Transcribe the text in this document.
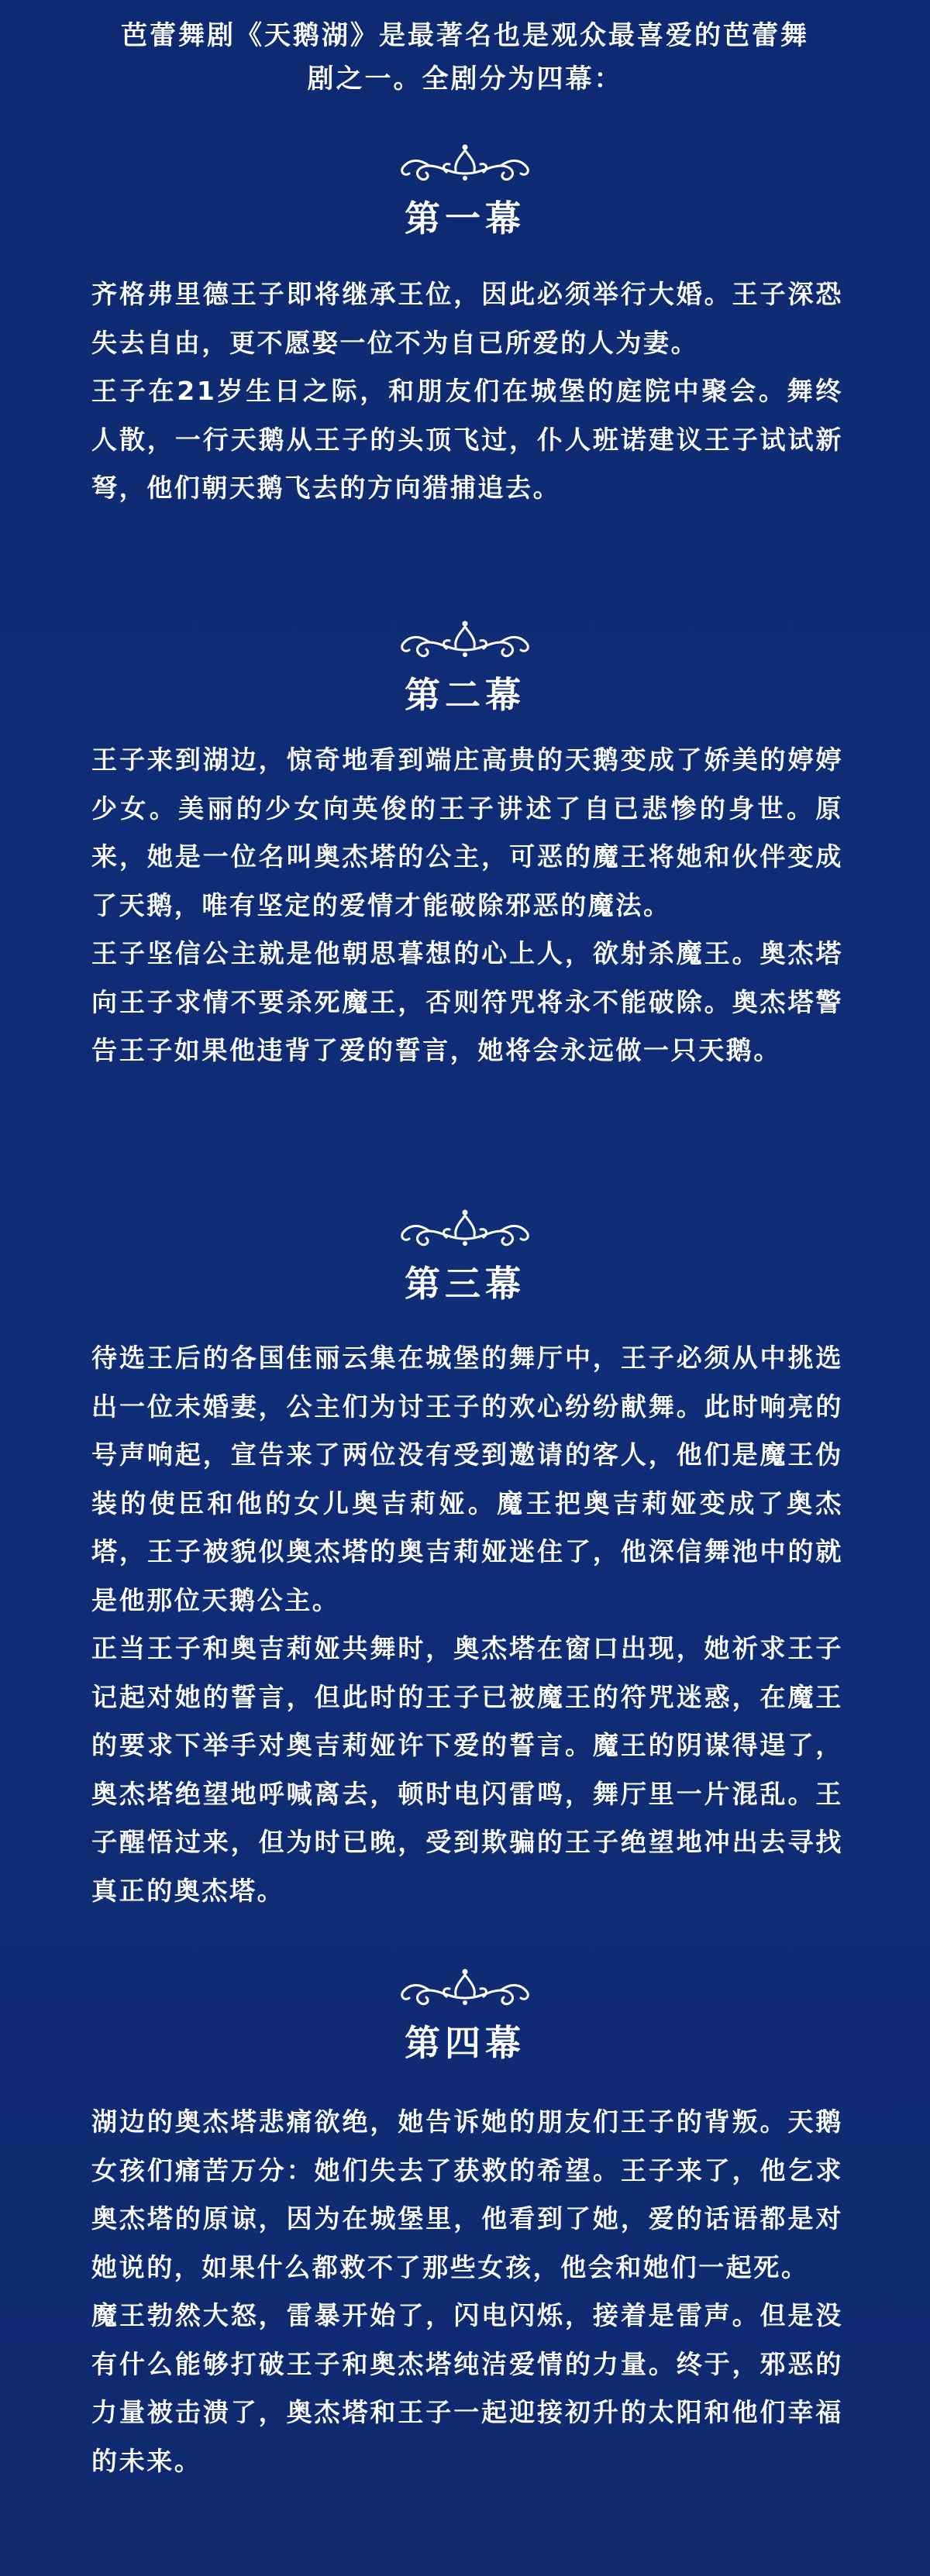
芭蕾舞剧《天鹅湖》是最著名也是观众最喜爱的芭蕾舞

剧之一。全剧分为四幕：

第一幕

齐格弗里德王子即将继承王位，因此必须举行大婚。王子深恐失去自由，更不愿娶一位不为自已所爱的人为妻。

王子在21岁生日之际，和朋友们在城堡的庭院中聚会。舞终人散，一行天鹅从王子的头顶飞过，仆人班诺建议王子试试新弩，他们朝天鹅飞去的方向猎捕追去。

第二幕

王子来到湖边，惊奇地看到端庄高贵的天鹅变成了娇美的婷婷少女。美丽的少女向英俊的王子讲述了自已悲惨的身世。原来，她是一位名叫奥杰塔的公主，可恶的魔王将她和伙伴变成了天鹅，唯有坚定的爱情才能破除邪恶的魔法。

王子坚信公主就是他朝思暮想的心上人，欲射杀魔王。奥杰塔向王子求情不要杀死魔王，否则符咒将永不能破除。奥杰塔警告王子如果他违背了爱的誓言，她将会永远做一只天鹅。

第三幕

待选王后的各国佳丽云集在城堡的舞厅中，王子必须从中挑选出一位未婚妻，公主们为讨王子的欢心纷纷献舞。此时响亮的号声响起，宣告来了两位没有受到邀请的客人，他们是魔王伪装的使臣和他的女儿奥吉莉娅。魔王把奥吉莉娅变成了奥杰塔，王子被貌似奥杰塔的奥吉莉娅迷住了，他深信舞池中的就是他那位天鹅公主。

正当王子和奥吉莉娅共舞时，奥杰塔在窗口出现，她祈求王子记起对她的誓言，但此时的王子已被魔王的符咒迷惑，在魔王的要求下举手对奥吉莉娅许下爱的誓言。魔王的阴谋得逞了，奥杰塔绝望地呼喊离去，顿时电闪雷鸣，舞厅里一片混乱。王子醒悟过来，但为时已晚，受到欺骗的王子绝望地冲出去寻找真正的奥杰塔。

第四幕

湖边的奥杰塔悲痛欲绝，她告诉她的朋友们王子的背叛。天鹅女孩们痛苦万分：她们失去了获救的希望。王子来了，他乞求奥杰塔的原谅，因为在城堡里，他看到了她，爱的话语都是对她说的，如果什么都救不了那些女孩，他会和她们一起死。

魔王勃然大怒，雷暴开始了，闪电闪烁，接着是雷声。但是没有什么能够打破王子和奥杰塔纯洁爱情的力量。终于，邪恶的力量被击溃了，奥杰塔和王子一起迎接初升的太阳和他们幸福的未来。
